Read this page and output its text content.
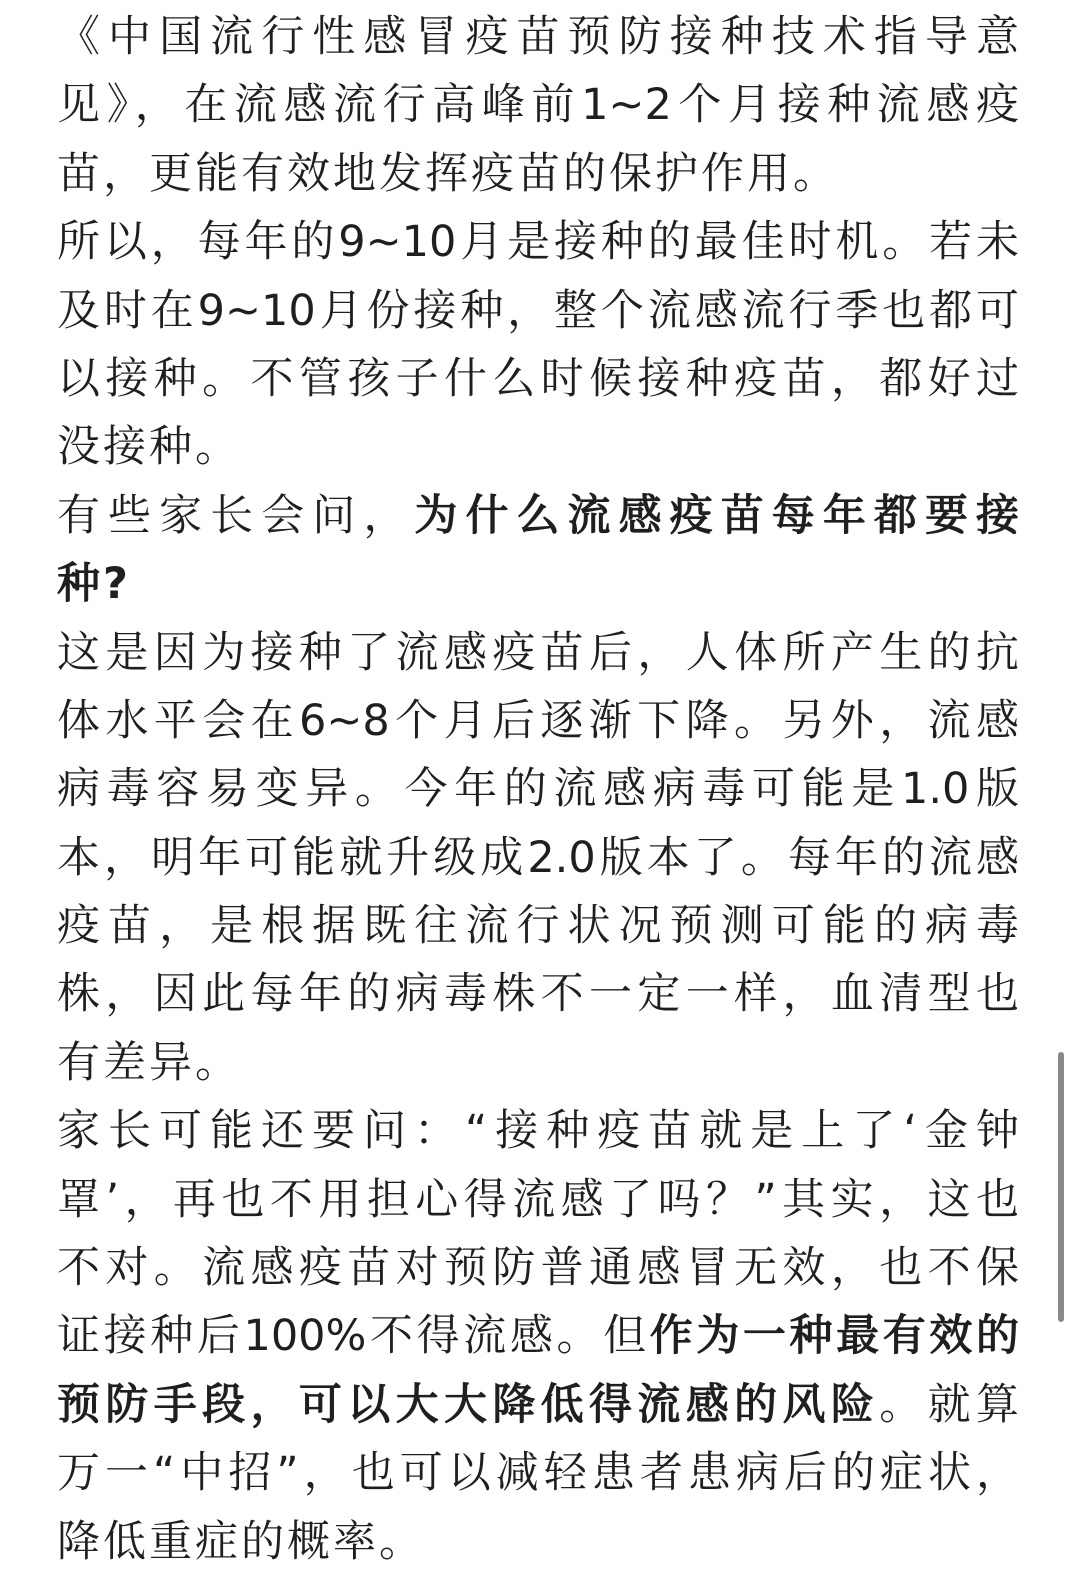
《中国流行性感冒疫苗预防接种技术指导意
见》，在流感流行高峰前1~2个月接种流感疫
苗，更能有效地发挥疫苗的保护作用。
所以，每年的9~10月是接种的最佳时机。若未
及时在9~10月份接种，整个流感流行季也都可
以接种。不管孩子什么时候接种疫苗，都好过
没接种。
有些家长会问，为什么流感疫苗每年都要接
种?
这是因为接种了流感疫苗后，人体所产生的抗
体水平会在6~8个月后逐渐下降。另外，流感
病毒容易变异。今年的流感病毒可能是1.0版
本，明年可能就升级成2.0版本了。每年的流感
疫苗，是根据既往流行状况预测可能的病毒
株，因此每年的病毒株不一定一样，血清型也
有差异。
家长可能还要问：“接种疫苗就是上了‘金钟
罩’，再也不用担心得流感了吗？”其实，这也
不对。流感疫苗对预防普通感冒无效，也不保
证接种后100%不得流感。但作为一种最有效的
预防手段，可以大大降低得流感的风险。就算
万一“中招”，也可以减轻患者患病后的症状，
降低重症的概率。
